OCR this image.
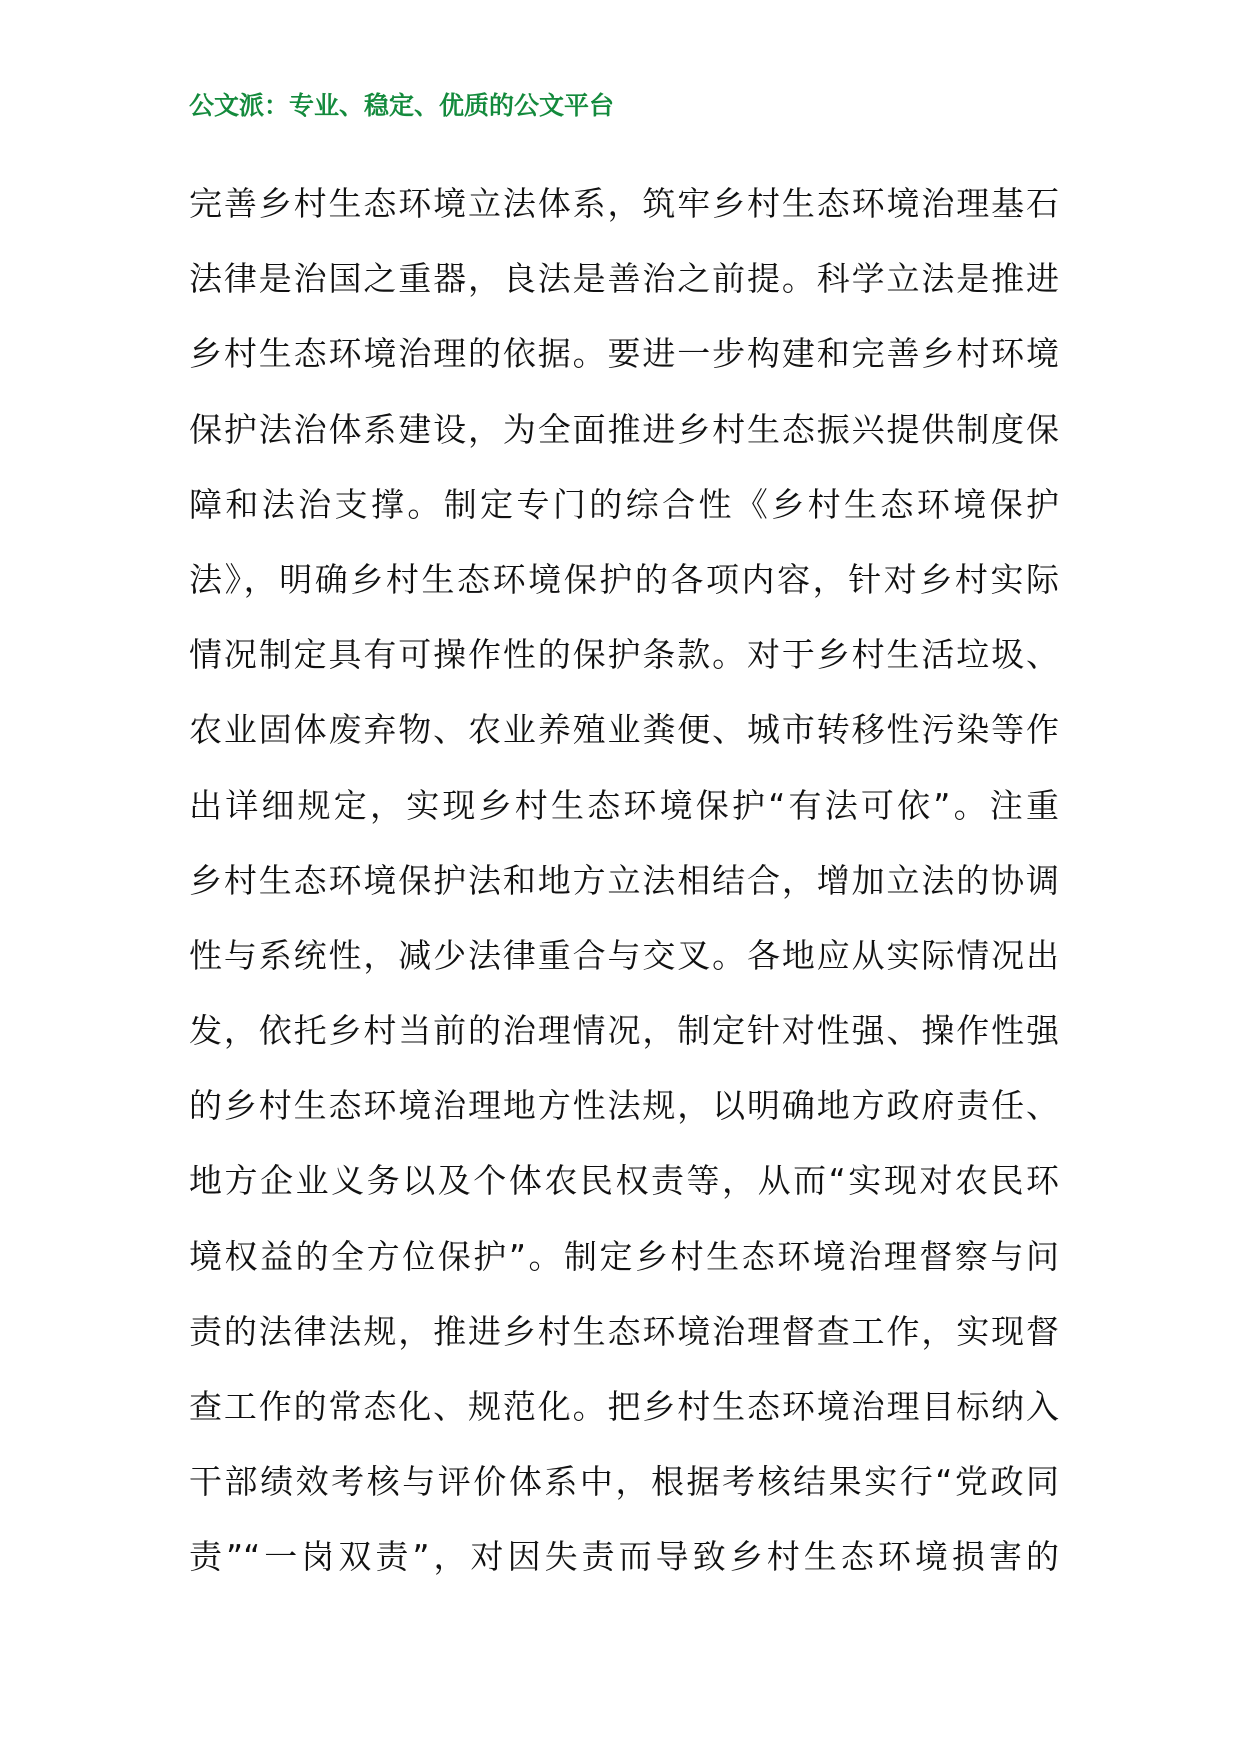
公文派：专业、稳定、优质的公文平台
完善乡村生态环境立法体系，筑牢乡村生态环境治理基石
法律是治国之重器，良法是善治之前提。科学立法是推进
乡村生态环境治理的依据。要进一步构建和完善乡村环境
保护法治体系建设，为全面推进乡村生态振兴提供制度保
障和法治支撑。制定专门的综合性《乡村生态环境保护
法》，明确乡村生态环境保护的各项内容，针对乡村实际
情况制定具有可操作性的保护条款。对于乡村生活垃圾、
农业固体废弃物、农业养殖业粪便、城市转移性污染等作
出详细规定，实现乡村生态环境保护“有法可依”。注重
乡村生态环境保护法和地方立法相结合，增加立法的协调
性与系统性，减少法律重合与交叉。各地应从实际情况出
发，依托乡村当前的治理情况，制定针对性强、操作性强
的乡村生态环境治理地方性法规，以明确地方政府责任、
地方企业义务以及个体农民权责等，从而“实现对农民环
境权益的全方位保护”。制定乡村生态环境治理督察与问
责的法律法规，推进乡村生态环境治理督查工作，实现督
查工作的常态化、规范化。把乡村生态环境治理目标纳入
干部绩效考核与评价体系中，根据考核结果实行“党政同
责”“一岗双责”，对因失责而导致乡村生态环境损害的
